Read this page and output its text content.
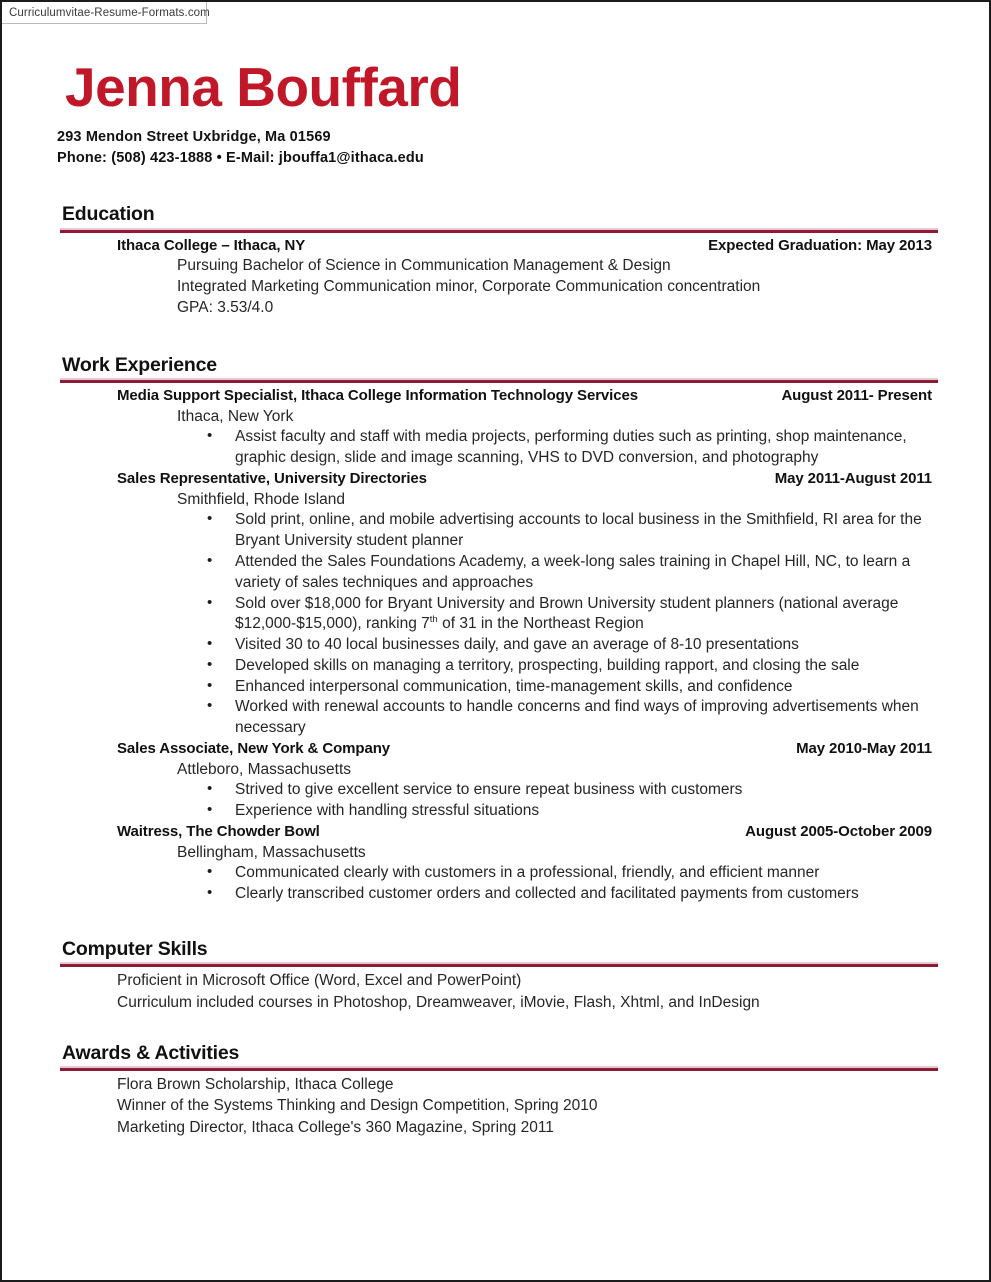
Curriculumvitae-Resume-Formats.com
Jenna Bouffard
293 Mendon Street Uxbridge, Ma 01569
Phone: (508) 423-1888 • E-Mail: jbouffa1@ithaca.edu
Education
Ithaca College – Ithaca, NY	Expected Graduation: May 2013
Pursuing Bachelor of Science in Communication Management & Design
Integrated Marketing Communication minor, Corporate Communication concentration
GPA: 3.53/4.0
Work Experience
Media Support Specialist, Ithaca College Information Technology Services	August 2011- Present
Ithaca, New York
• Assist faculty and staff with media projects, performing duties such as printing, shop maintenance, graphic design, slide and image scanning, VHS to DVD conversion, and photography
Sales Representative, University Directories	May 2011-August 2011
Smithfield, Rhode Island
• Sold print, online, and mobile advertising accounts to local business in the Smithfield, RI area for the Bryant University student planner
• Attended the Sales Foundations Academy, a week-long sales training in Chapel Hill, NC, to learn a variety of sales techniques and approaches
• Sold over $18,000 for Bryant University and Brown University student planners (national average $12,000-$15,000), ranking 7th of 31 in the Northeast Region
• Visited 30 to 40 local businesses daily, and gave an average of 8-10 presentations
• Developed skills on managing a territory, prospecting, building rapport, and closing the sale
• Enhanced interpersonal communication, time-management skills, and confidence
• Worked with renewal accounts to handle concerns and find ways of improving advertisements when necessary
Sales Associate, New York & Company	May 2010-May 2011
Attleboro, Massachusetts
• Strived to give excellent service to ensure repeat business with customers
• Experience with handling stressful situations
Waitress, The Chowder Bowl	August 2005-October 2009
Bellingham, Massachusetts
• Communicated clearly with customers in a professional, friendly, and efficient manner
• Clearly transcribed customer orders and collected and facilitated payments from customers
Computer Skills
Proficient in Microsoft Office (Word, Excel and PowerPoint)
Curriculum included courses in Photoshop, Dreamweaver, iMovie, Flash, Xhtml, and InDesign
Awards & Activities
Flora Brown Scholarship, Ithaca College
Winner of the Systems Thinking and Design Competition, Spring 2010
Marketing Director, Ithaca College's 360 Magazine, Spring 2011
